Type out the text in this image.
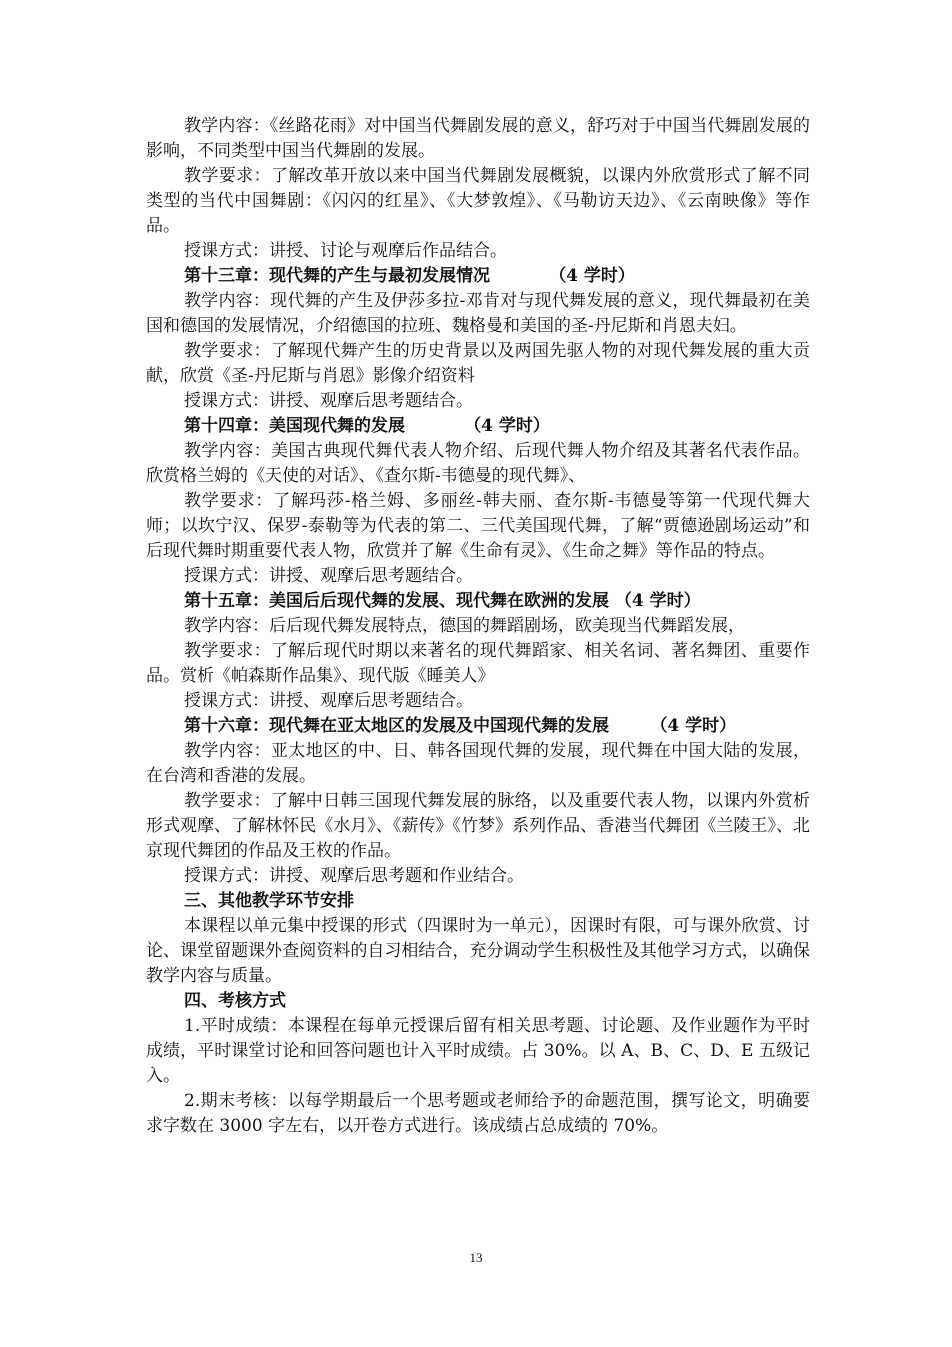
教学内容：《丝路花雨》对中国当代舞剧发展的意义，舒巧对于中国当代舞剧发展的影响，不同类型中国当代舞剧的发展。

教学要求：了解改革开放以来中国当代舞剧发展概貌，以课内外欣赏形式了解不同类型的当代中国舞剧：《闪闪的红星》、《大梦敦煌》、《马勒访天边》、《云南映像》等作品。

授课方式：讲授、讨论与观摩后作品结合。

第十三章：现代舞的产生与最初发展情况	（4 学时）

教学内容：现代舞的产生及伊莎多拉-邓肯对与现代舞发展的意义，现代舞最初在美国和德国的发展情况，介绍德国的拉班、魏格曼和美国的圣-丹尼斯和肖恩夫妇。

教学要求：了解现代舞产生的历史背景以及两国先驱人物的对现代舞发展的重大贡献，欣赏《圣-丹尼斯与肖恩》影像介绍资料

授课方式：讲授、观摩后思考题结合。

第十四章：美国现代舞的发展	（4 学时）

教学内容：美国古典现代舞代表人物介绍、后现代舞人物介绍及其著名代表作品。欣赏格兰姆的《天使的对话》、《查尔斯-韦德曼的现代舞》、

教学要求：了解玛莎-格兰姆、多丽丝-韩夫丽、查尔斯-韦德曼等第一代现代舞大师；以坎宁汉、保罗-泰勒等为代表的第二、三代美国现代舞，了解“贾德逊剧场运动”和后现代舞时期重要代表人物，欣赏并了解《生命有灵》、《生命之舞》等作品的特点。

授课方式：讲授、观摩后思考题结合。

第十五章：美国后后现代舞的发展、现代舞在欧洲的发展 （4 学时）

教学内容：后后现代舞发展特点，德国的舞蹈剧场，欧美现当代舞蹈发展，

教学要求：了解后现代时期以来著名的现代舞蹈家、相关名词、著名舞团、重要作品。赏析《帕森斯作品集》、现代版《睡美人》

授课方式：讲授、观摩后思考题结合。

第十六章：现代舞在亚太地区的发展及中国现代舞的发展 （4 学时）

教学内容：亚太地区的中、日、韩各国现代舞的发展，现代舞在中国大陆的发展，在台湾和香港的发展。

教学要求：了解中日韩三国现代舞发展的脉络，以及重要代表人物，以课内外赏析形式观摩、了解林怀民《水月》、《薪传》《竹梦》系列作品、香港当代舞团《兰陵王》、北京现代舞团的作品及王枚的作品。

授课方式：讲授、观摩后思考题和作业结合。

三、其他教学环节安排

本课程以单元集中授课的形式（四课时为一单元），因课时有限，可与课外欣赏、讨论、课堂留题课外查阅资料的自习相结合，充分调动学生积极性及其他学习方式，以确保教学内容与质量。

四、考核方式

1.平时成绩：本课程在每单元授课后留有相关思考题、讨论题、及作业题作为平时成绩，平时课堂讨论和回答问题也计入平时成绩。占 30%。以 A、B、C、D、E 五级记入。

2.期末考核：以每学期最后一个思考题或老师给予的命题范围，撰写论文，明确要求字数在 3000 字左右，以开卷方式进行。该成绩占总成绩的 70%。

13
